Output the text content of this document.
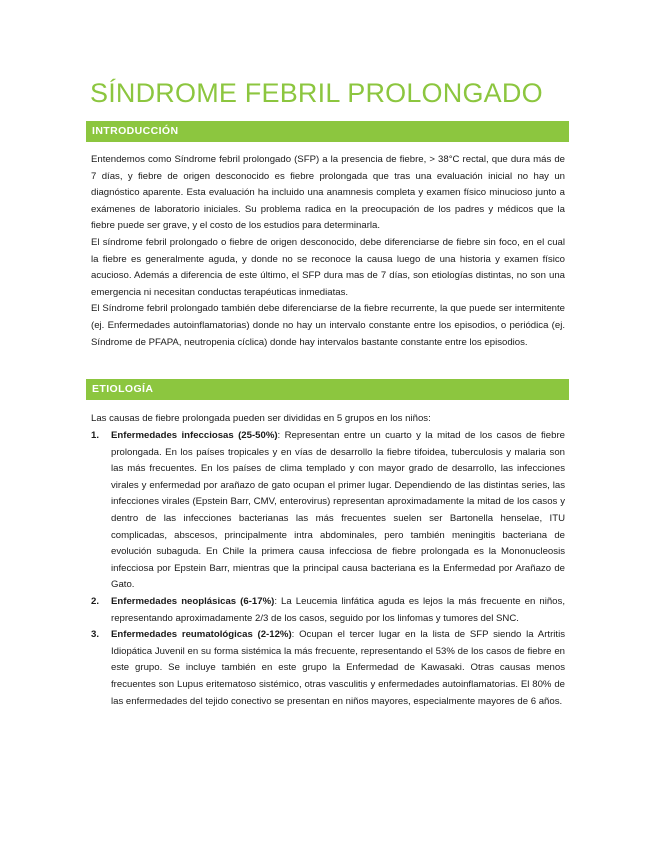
SÍNDROME FEBRIL PROLONGADO
INTRODUCCIÓN

Entendemos como Síndrome febril prolongado (SFP) a la presencia de fiebre, > 38°C rectal, que dura más de 7 días, y fiebre de origen desconocido es fiebre prolongada que tras una evaluación inicial no hay un diagnóstico aparente. Esta evaluación ha incluido una anamnesis completa y examen físico minucioso junto a exámenes de laboratorio iniciales. Su problema radica en la preocupación de los padres y médicos que la fiebre puede ser grave, y el costo de los estudios para determinarla.

El síndrome febril prolongado o fiebre de origen desconocido, debe diferenciarse de fiebre sin foco, en el cual la fiebre es generalmente aguda, y donde no se reconoce la causa luego de una historia y examen físico acucioso. Además a diferencia de este último, el SFP dura mas de 7 días, son etiologías distintas, no son una emergencia ni necesitan conductas terapéuticas inmediatas.

El Síndrome febril prolongado también debe diferenciarse de la fiebre recurrente, la que puede ser intermitente (ej. Enfermedades autoinflamatorias) donde no hay un intervalo constante entre los episodios, o periódica (ej. Síndrome de PFAPA, neutropenia cíclica) donde hay intervalos bastante constante entre los episodios.

ETIOLOGÍA
Las causas de fiebre prolongada pueden ser divididas en 5 grupos en los niños:
1. Enfermedades infecciosas (25-50%): Representan entre un cuarto y la mitad de los casos de fiebre prolongada. En los países tropicales y en vías de desarrollo la fiebre tifoidea, tuberculosis y malaria son las más frecuentes. En los países de clima templado y con mayor grado de desarrollo, las infecciones virales y enfermedad por arañazo de gato ocupan el primer lugar. Dependiendo de las distintas series, las infecciones virales (Epstein Barr, CMV, enterovirus) representan aproximadamente la mitad de los casos y dentro de las infecciones bacterianas las más frecuentes suelen ser Bartonella henselae, ITU complicadas, abscesos, principalmente intra abdominales, pero también meningitis bacteriana de evolución subaguda. En Chile la primera causa infecciosa de fiebre prolongada es la Mononucleosis infecciosa por Epstein Barr, mientras que la principal causa bacteriana es la Enfermedad por Arañazo de Gato.
2. Enfermedades neoplásicas (6-17%): La Leucemia linfática aguda es lejos la más frecuente en niños, representando aproximadamente 2/3 de los casos, seguido por los linfomas y tumores del SNC.
3. Enfermedades reumatológicas (2-12%): Ocupan el tercer lugar en la lista de SFP siendo la Artritis Idiopática Juvenil en su forma sistémica la más frecuente, representando el 53% de los casos de fiebre en este grupo. Se incluye también en este grupo la Enfermedad de Kawasaki. Otras causas menos frecuentes son Lupus eritematoso sistémico, otras vasculitis y enfermedades autoinflamatorias. El 80% de las enfermedades del tejido conectivo se presentan en niños mayores, especialmente mayores de 6 años.
